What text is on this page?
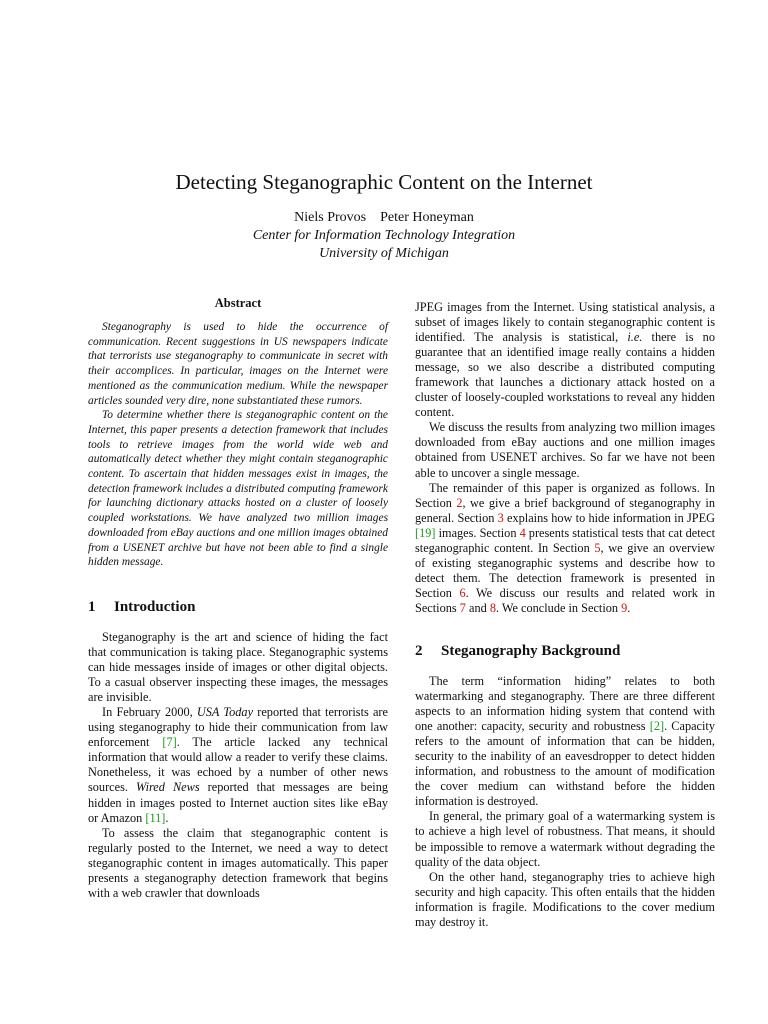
Detecting Steganographic Content on the Internet
Niels Provos Peter Honeyman
Center for Information Technology Integration
University of Michigan
Abstract

Steganography is used to hide the occurrence of communication. Recent suggestions in US newspapers indicate that terrorists use steganography to communicate in secret with their accomplices. In particular, images on the Internet were mentioned as the communication medium. While the newspaper articles sounded very dire, none substantiated these rumors.

To determine whether there is steganographic content on the Internet, this paper presents a detection framework that includes tools to retrieve images from the world wide web and automatically detect whether they might contain steganographic content. To ascertain that hidden messages exist in images, the detection framework includes a distributed computing framework for launching dictionary attacks hosted on a cluster of loosely coupled workstations. We have analyzed two million images downloaded from eBay auctions and one million images obtained from a USENET archive but have not been able to find a single hidden message.

1 Introduction

Steganography is the art and science of hiding the fact that communication is taking place. Steganographic systems can hide messages inside of images or other digital objects. To a casual observer inspecting these images, the messages are invisible.

In February 2000, USA Today reported that terrorists are using steganography to hide their communication from law enforcement [7]. The article lacked any technical information that would allow a reader to verify these claims. Nonetheless, it was echoed by a number of other news sources. Wired News reported that messages are being hidden in images posted to Internet auction sites like eBay or Amazon [11].

To assess the claim that steganographic content is regularly posted to the Internet, we need a way to detect steganographic content in images automatically. This paper presents a steganography detection framework that begins with a web crawler that downloads

JPEG images from the Internet. Using statistical analysis, a subset of images likely to contain steganographic content is identified. The analysis is statistical, i.e. there is no guarantee that an identified image really contains a hidden message, so we also describe a distributed computing framework that launches a dictionary attack hosted on a cluster of loosely-coupled workstations to reveal any hidden content.

We discuss the results from analyzing two million images downloaded from eBay auctions and one million images obtained from USENET archives. So far we have not been able to uncover a single message.

The remainder of this paper is organized as follows. In Section 2, we give a brief background of steganography in general. Section 3 explains how to hide information in JPEG [19] images. Section 4 presents statistical tests that cat detect steganographic content. In Section 5, we give an overview of existing steganographic systems and describe how to detect them. The detection framework is presented in Section 6. We discuss our results and related work in Sections 7 and 8. We conclude in Section 9.

2 Steganography Background

The term “information hiding” relates to both watermarking and steganography. There are three different aspects to an information hiding system that contend with one another: capacity, security and robustness [2]. Capacity refers to the amount of information that can be hidden, security to the inability of an eavesdropper to detect hidden information, and robustness to the amount of modification the cover medium can withstand before the hidden information is destroyed.

In general, the primary goal of a watermarking system is to achieve a high level of robustness. That means, it should be impossible to remove a watermark without degrading the quality of the data object.

On the other hand, steganography tries to achieve high security and high capacity. This often entails that the hidden information is fragile. Modifications to the cover medium may destroy it.
